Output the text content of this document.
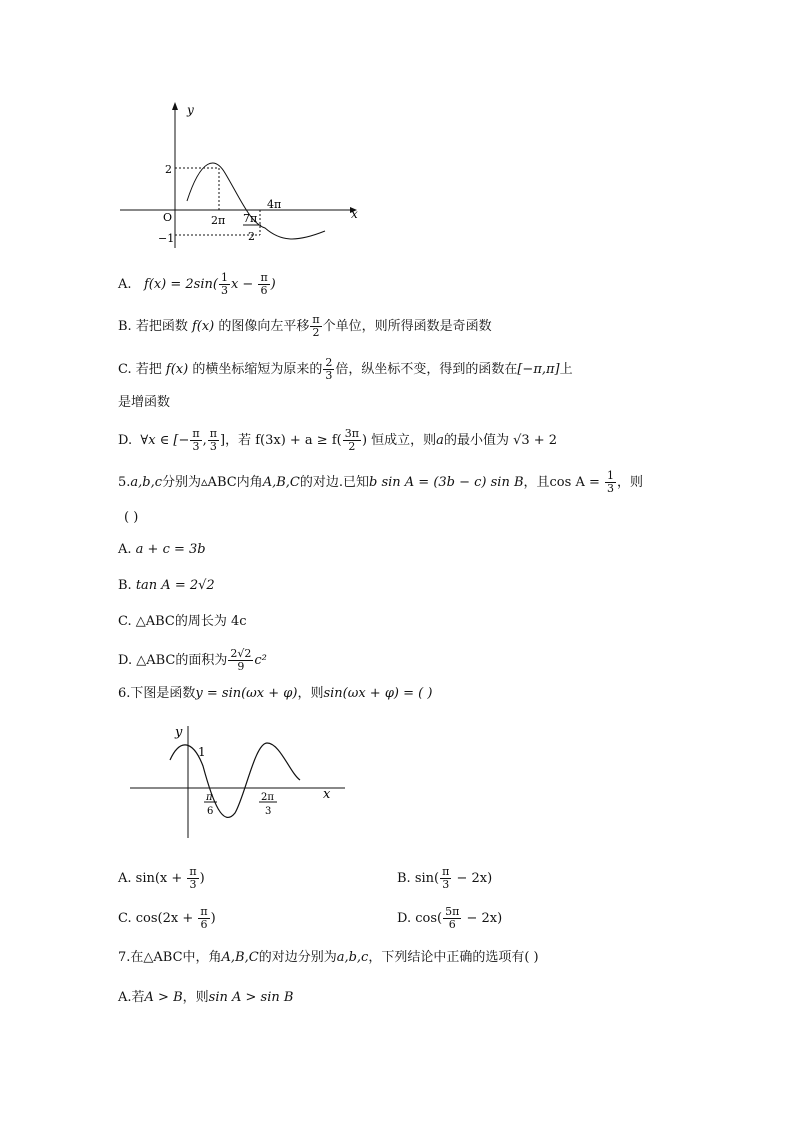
y
x
O
2
−1
2π
4π
7π
2
A. $f(x) = 2\sin( \frac{1}{3}$ $x - \frac{\pi}{6}$ )
B. 若把函数 f(x) 的图像向左平移 $\frac{\pi}{2}$ 个单位，则所得函数是奇函数
C. 若把 f(x) 的横坐标缩短为原来的 $\frac{2}{3}$ 倍，纵坐标不变，得到的函数在[−π,π]上
是增函数
D. ∀x ∈ [− $\frac{\pi}{3}$ , $\frac{\pi}{3}$ ]，若 $f(3x) + a \ge f( \frac{3\pi}{2}$ ) 恒成立，则a的最小值为 √3 + 2
5.a,b,c分别为▵ABC内角A,B,C的对边.已知b sin A = (3b − c) sin B，且$\cos A = \frac{1}{3}$ ，则
( )
A. a + c = 3b
B. tan A = 2√2
C. △ABC的周长为 4c
D. △ABC的面积为 $\frac{2√2}{9} c^2$
6.下图是函数y = sin(ωx + φ)，则sin(ωx + φ) = ( )
y
x
1
π
6
2π
3
A. $\sin(x + \frac{\pi}{3}$ )	B. $\sin( \frac{\pi}{3} - 2x)$
C. $\cos(2x + \frac{\pi}{6}$ )	D. $\cos( \frac{5\pi}{6} - 2x)$
7.在△ABC中，角A,B,C的对边分别为a,b,c，下列结论中正确的选项有( )
A.若A > B，则sin A > sin B
